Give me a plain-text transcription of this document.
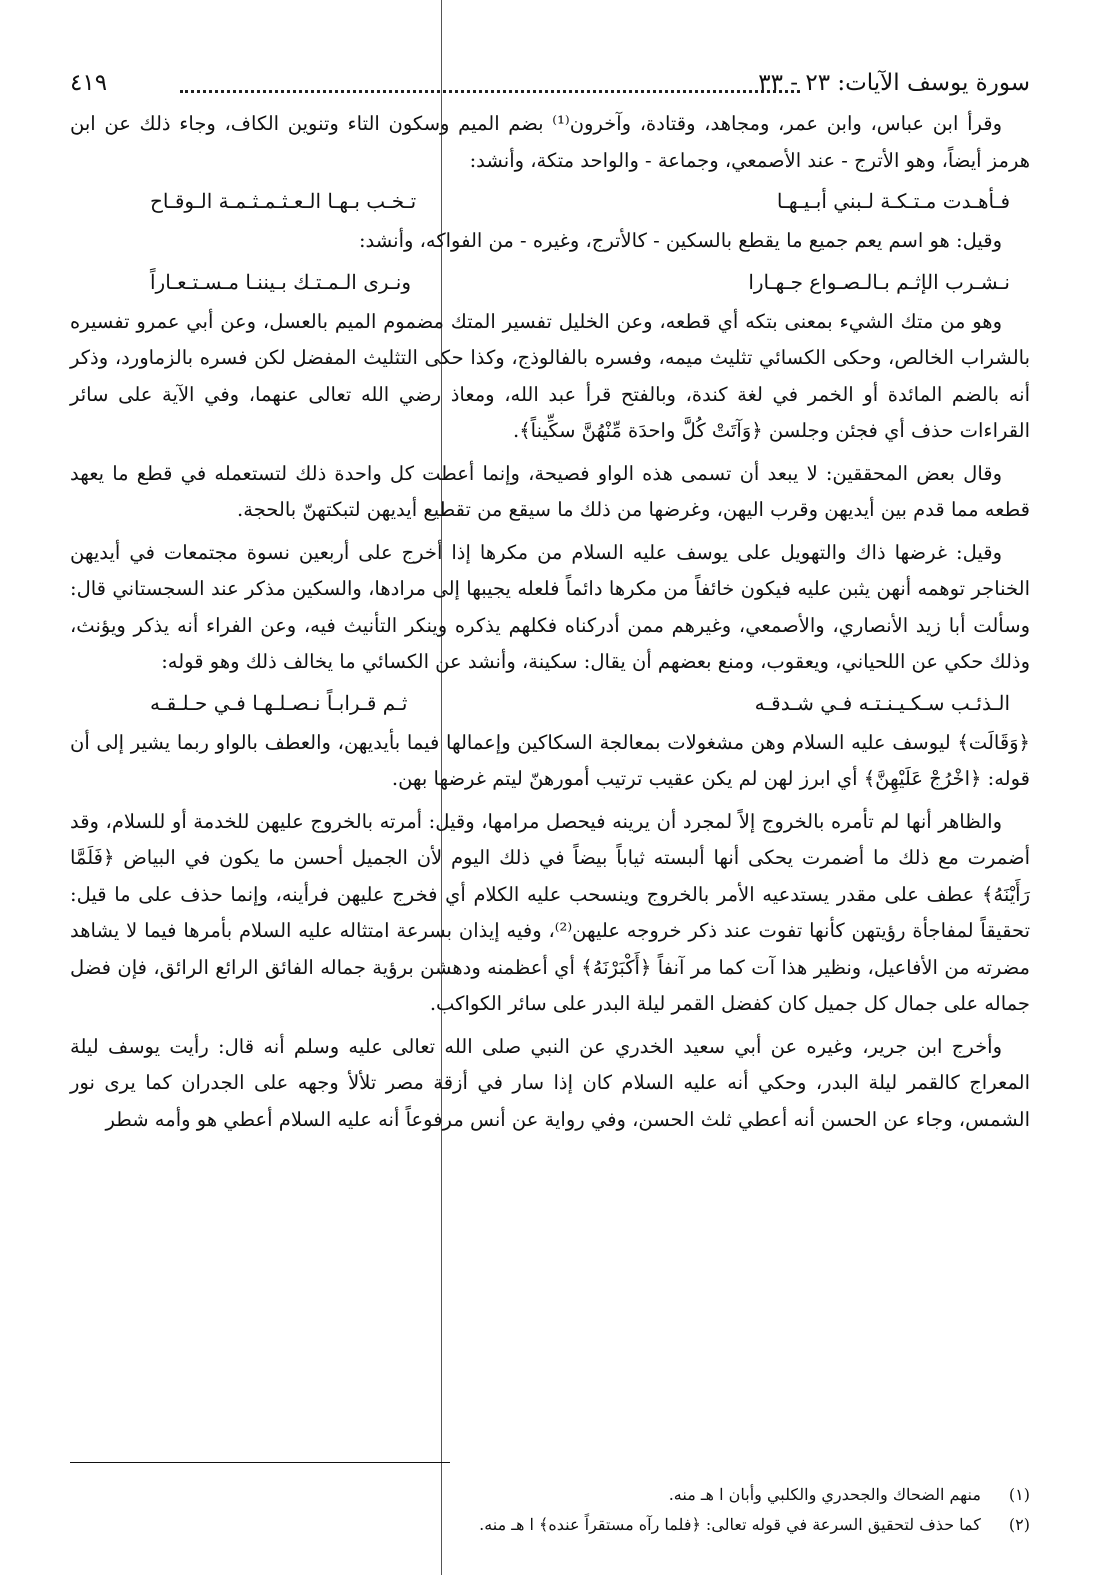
سورة يوسف الآيات: ٢٣ - ٣٣
٤١٩

وقرأ ابن عباس، وابن عمر، ومجاهد، وقتادة، وآخرون⁽¹⁾ بضم الميم وسكون التاء وتنوين الكاف، وجاء ذلك عن ابن هرمز أيضاً، وهو الأترج - عند الأصمعي، وجماعة - والواحد متكة، وأنشد:

فـأهـدت مـتـكـة لـبني أبـيـهـا
تـخـب بـهـا الـعـثـمـثـمـة الـوقـاح

وقيل: هو اسم يعم جميع ما يقطع بالسكين - كالأترج، وغيره - من الفواكه، وأنشد:

نـشـرب الإثـم بـالـصـواع جـهـارا
ونـرى الـمـتـك بـيننـا مـسـتـعـاراً

وهو من متك الشيء بمعنى بتكه أي قطعه، وعن الخليل تفسير المتك مضموم الميم بالعسل، وعن أبي عمرو تفسيره بالشراب الخالص، وحكى الكسائي تثليث ميمه، وفسره بالفالوذج، وكذا حكى التثليث المفضل لكن فسره بالزماورد، وذكر أنه بالضم المائدة أو الخمر في لغة كندة، وبالفتح قرأ عبد الله، ومعاذ رضي الله تعالى عنهما، وفي الآية على سائر القراءات حذف أي فجئن وجلسن ﴿وَآتَتْ كُلَّ واحدَة مِّنْهُنَّ سكِّيناً﴾.

وقال بعض المحققين: لا يبعد أن تسمى هذه الواو فصيحة، وإنما أعطت كل واحدة ذلك لتستعمله في قطع ما يعهد قطعه مما قدم بين أيديهن وقرب اليهن، وغرضها من ذلك ما سيقع من تقطيع أيديهن لتبكتهنّ بالحجة.

وقيل: غرضها ذاك والتهويل على يوسف عليه السلام من مكرها إذا أخرج على أربعين نسوة مجتمعات في أيديهن الخناجر توهمه أنهن يثبن عليه فيكون خائفاً من مكرها دائماً فلعله يجيبها إلى مرادها، والسكين مذكر عند السجستاني قال: وسألت أبا زيد الأنصاري، والأصمعي، وغيرهم ممن أدركناه فكلهم يذكره وينكر التأنيث فيه، وعن الفراء أنه يذكر ويؤنث، وذلك حكي عن اللحياني، ويعقوب، ومنع بعضهم أن يقال: سكينة، وأنشد عن الكسائي ما يخالف ذلك وهو قوله:

الـذئـب سـكـيـنـتـه فـي شـدقـه
ثـم قـرابـاً نـصـلـهـا فـي حـلـقـه

﴿وَقَالَت﴾ ليوسف عليه السلام وهن مشغولات بمعالجة السكاكين وإعمالها فيما بأيديهن، والعطف بالواو ربما يشير إلى أن قوله: ﴿اخْرُجْ عَلَيْهِنَّ﴾ أي ابرز لهن لم يكن عقيب ترتيب أمورهنّ ليتم غرضها بهن.

والظاهر أنها لم تأمره بالخروج إلاً لمجرد أن يرينه فيحصل مرامها، وقيل: أمرته بالخروج عليهن للخدمة أو للسلام، وقد أضمرت مع ذلك ما أضمرت يحكى أنها ألبسته ثياباً بيضاً في ذلك اليوم لأن الجميل أحسن ما يكون في البياض ﴿فَلَمَّا رَأَيْنَهُ﴾ عطف على مقدر يستدعيه الأمر بالخروج وينسحب عليه الكلام أي فخرج عليهن فرأينه، وإنما حذف على ما قيل: تحقيقاً لمفاجأة رؤيتهن كأنها تفوت عند ذكر خروجه عليهن⁽²⁾، وفيه إيذان بسرعة امتثاله عليه السلام بأمرها فيما لا يشاهد مضرته من الأفاعيل، ونظير هذا آت كما مر آنفاً ﴿أَكْبَرْنَهُ﴾ أي أعظمنه ودهشن برؤية جماله الفائق الرائع الرائق، فإن فضل جماله على جمال كل جميل كان كفضل القمر ليلة البدر على سائر الكواكب.

وأخرج ابن جرير، وغيره عن أبي سعيد الخدري عن النبي صلى الله تعالى عليه وسلم أنه قال: رأيت يوسف ليلة المعراج كالقمر ليلة البدر، وحكي أنه عليه السلام كان إذا سار في أزقة مصر تلألأ وجهه على الجدران كما يرى نور الشمس، وجاء عن الحسن أنه أعطي ثلث الحسن، وفي رواية عن أنس مرفوعاً أنه عليه السلام أعطي هو وأمه شطر

(١) منهم الضحاك والجحدري والكلبي وأبان ا هـ منه.
(٢) كما حذف لتحقيق السرعة في قوله تعالى: ﴿فلما رآه مستقراً عنده﴾ ا هـ منه.
